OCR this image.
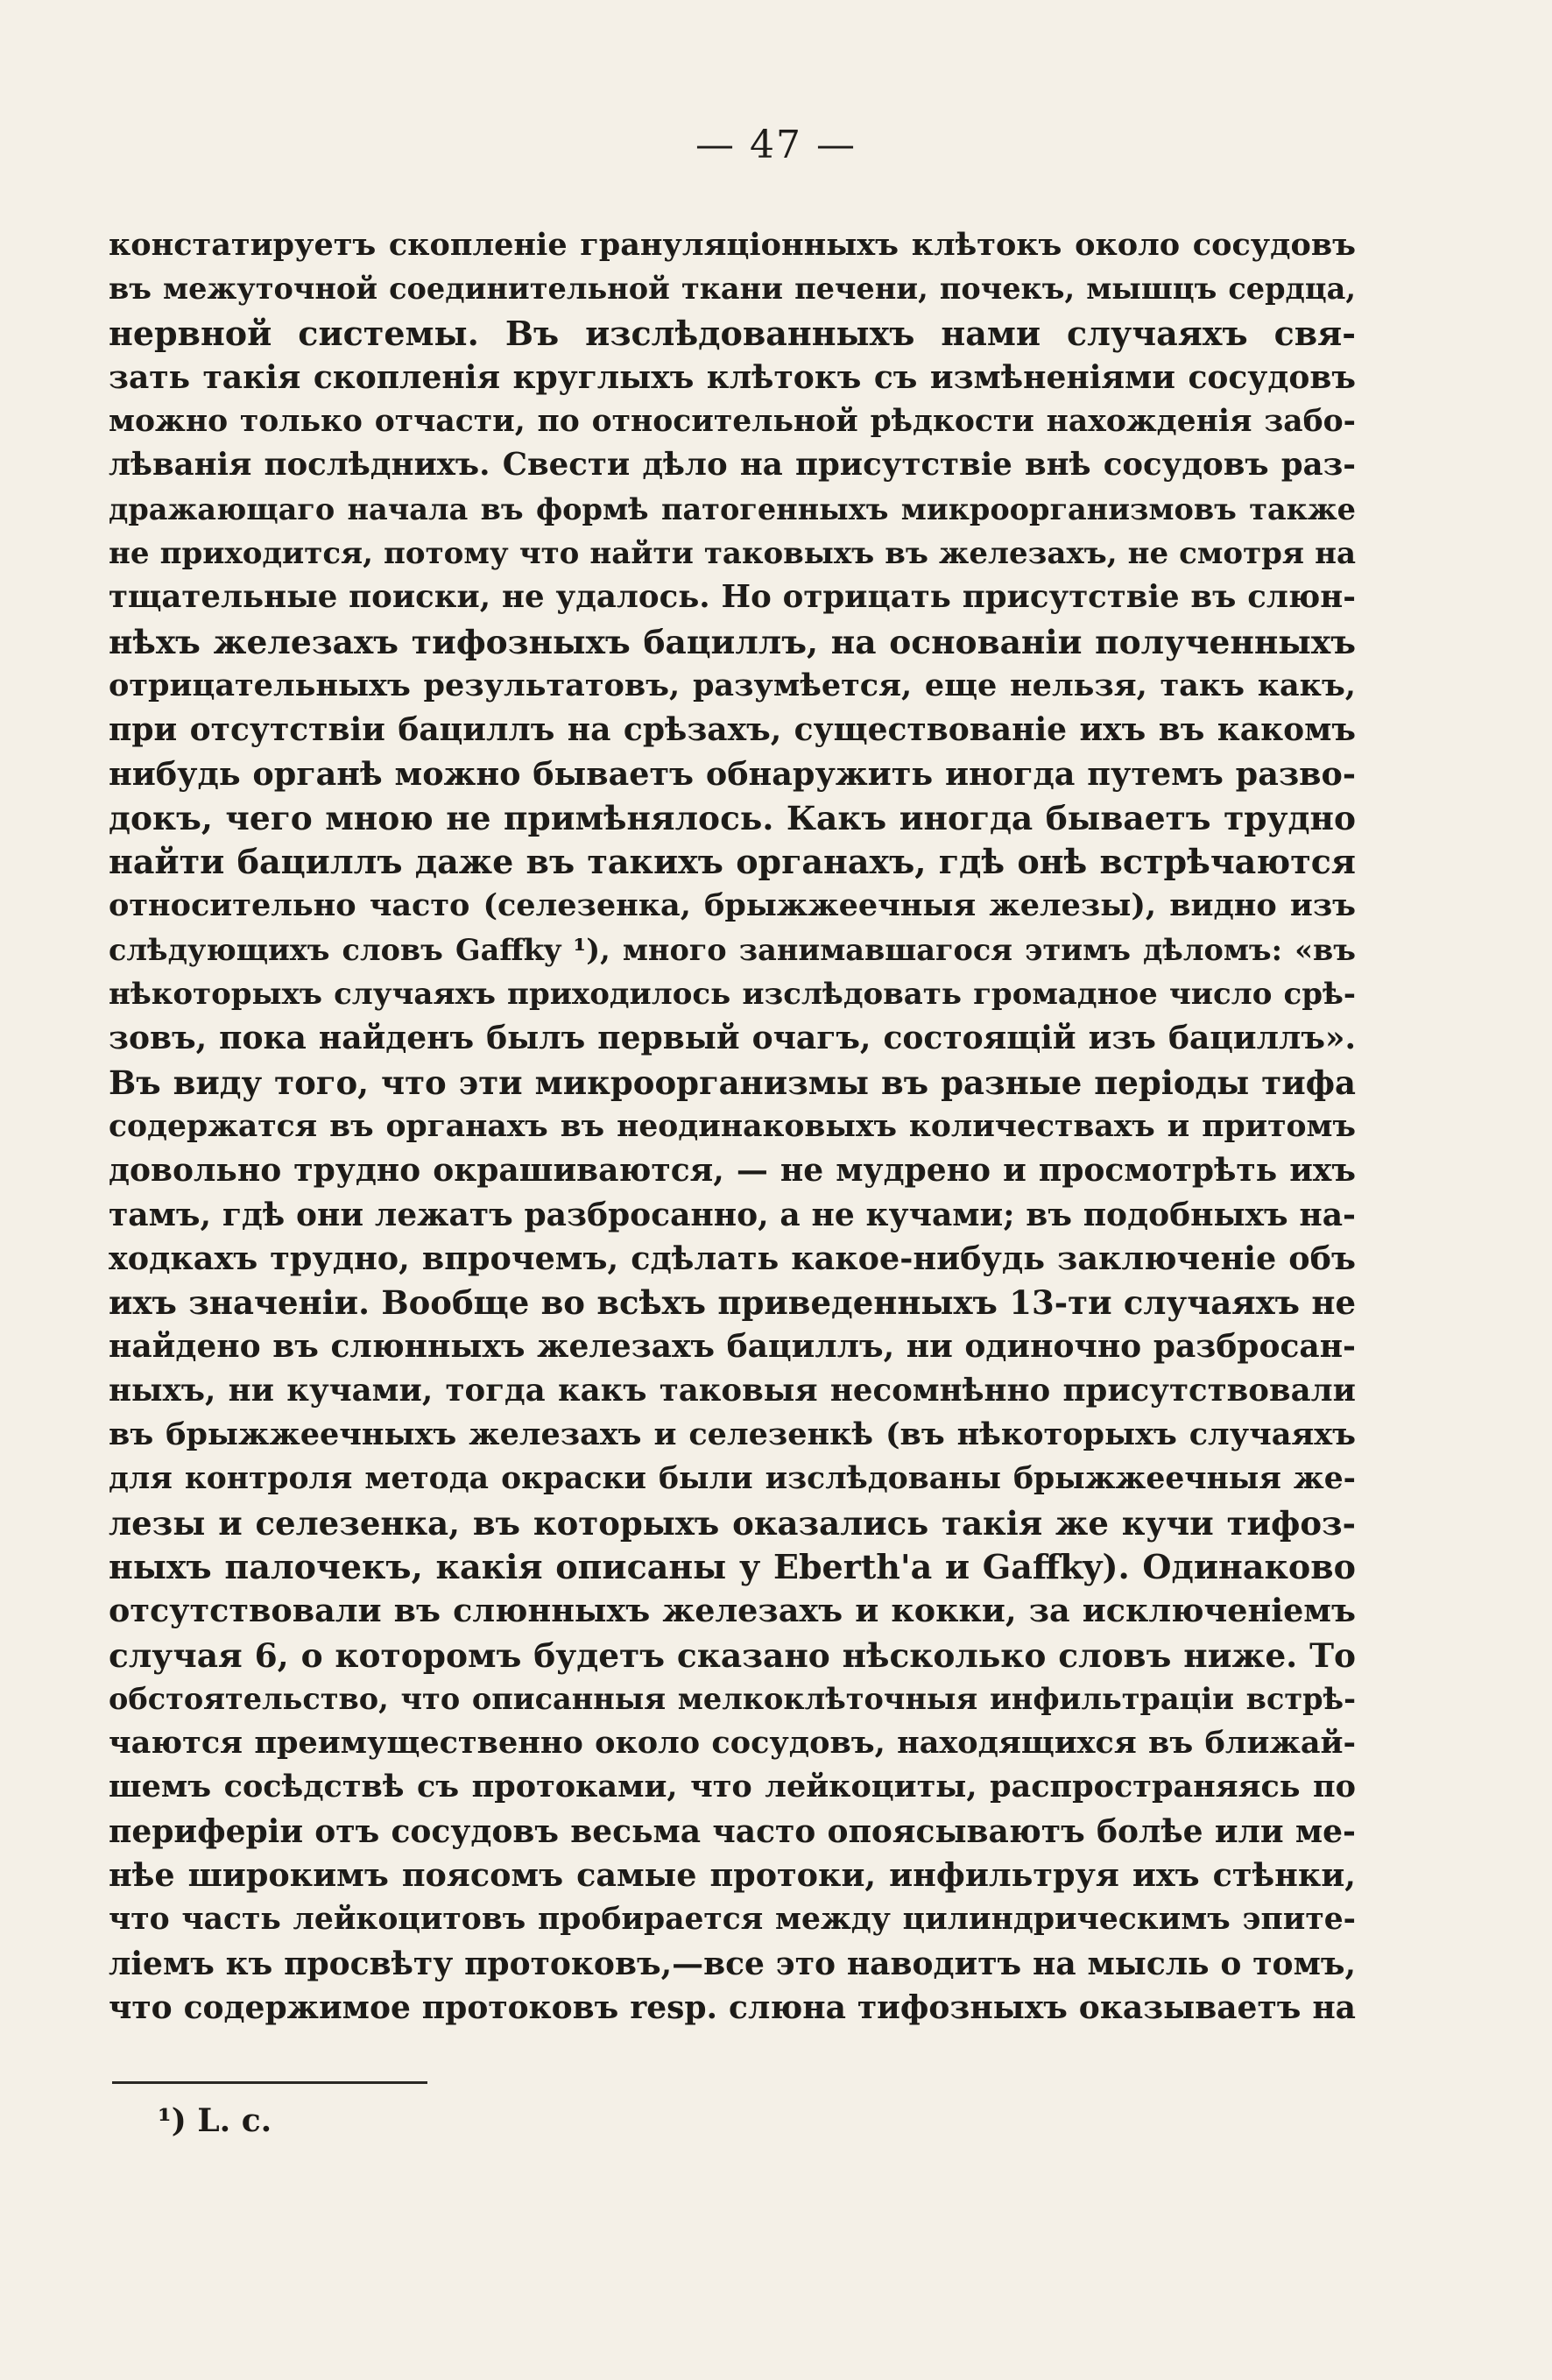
— 47 —
констатируетъ скопленіе грануляціонныхъ клѣтокъ около сосудовъ
въ межуточной соединительной ткани печени, почекъ, мышцъ сердца,
нервной системы. Въ изслѣдованныхъ нами случаяхъ свя-
зать такія скопленія круглыхъ клѣтокъ съ измѣненіями сосудовъ
можно только отчасти, по относительной рѣдкости нахожденія забо-
лѣванія послѣднихъ. Свести дѣло на присутствіе внѣ сосудовъ раз-
дражающаго начала въ формѣ патогенныхъ микроорганизмовъ также
не приходится, потому что найти таковыхъ въ железахъ, не смотря на
тщательные поиски, не удалось. Но отрицать присутствіе въ слюн-
нѣхъ железахъ тифозныхъ бациллъ, на основаніи полученныхъ
отрицательныхъ результатовъ, разумѣется, еще нельзя, такъ какъ,
при отсутствіи бациллъ на срѣзахъ, существованіе ихъ въ какомъ
нибудь органѣ можно бываетъ обнаружить иногда путемъ разво-
докъ, чего мною не примѣнялось. Какъ иногда бываетъ трудно
найти бациллъ даже въ такихъ органахъ, гдѣ онѣ встрѣчаются
относительно часто (селезенка, брыжжеечныя железы), видно изъ
слѣдующихъ словъ Gaffky ¹), много занимавшагося этимъ дѣломъ: «въ
нѣкоторыхъ случаяхъ приходилось изслѣдовать громадное число срѣ-
зовъ, пока найденъ былъ первый очагъ, состоящій изъ бациллъ».
Въ виду того, что эти микроорганизмы въ разные періоды тифа
содержатся въ органахъ въ неодинаковыхъ количествахъ и притомъ
довольно трудно окрашиваются, — не мудрено и просмотрѣть ихъ
тамъ, гдѣ они лежатъ разбросанно, а не кучами; въ подобныхъ на-
ходкахъ трудно, впрочемъ, сдѣлать какое-нибудь заключеніе объ
ихъ значеніи. Вообще во всѣхъ приведенныхъ 13-ти случаяхъ не
найдено въ слюнныхъ железахъ бациллъ, ни одиночно разбросан-
ныхъ, ни кучами, тогда какъ таковыя несомнѣнно присутствовали
въ брыжжеечныхъ железахъ и селезенкѣ (въ нѣкоторыхъ случаяхъ
для контроля метода окраски были изслѣдованы брыжжеечныя же-
лезы и селезенка, въ которыхъ оказались такія же кучи тифоз-
ныхъ палочекъ, какія описаны у Eberth'a и Gaffky). Одинаково
отсутствовали въ слюнныхъ железахъ и кокки, за исключеніемъ
случая 6, о которомъ будетъ сказано нѣсколько словъ ниже. То
обстоятельство, что описанныя мелкоклѣточныя инфильтраціи встрѣ-
чаются преимущественно около сосудовъ, находящихся въ ближай-
шемъ сосѣдствѣ съ протоками, что лейкоциты, распространяясь по
периферіи отъ сосудовъ весьма часто опоясываютъ болѣе или ме-
нѣе широкимъ поясомъ самые протоки, инфильтруя ихъ стѣнки,
что часть лейкоцитовъ пробирается между цилиндрическимъ эпите-
ліемъ къ просвѣту протоковъ,—все это наводитъ на мысль о томъ,
что содержимое протоковъ resp. слюна тифозныхъ оказываетъ на
¹) L. c.
